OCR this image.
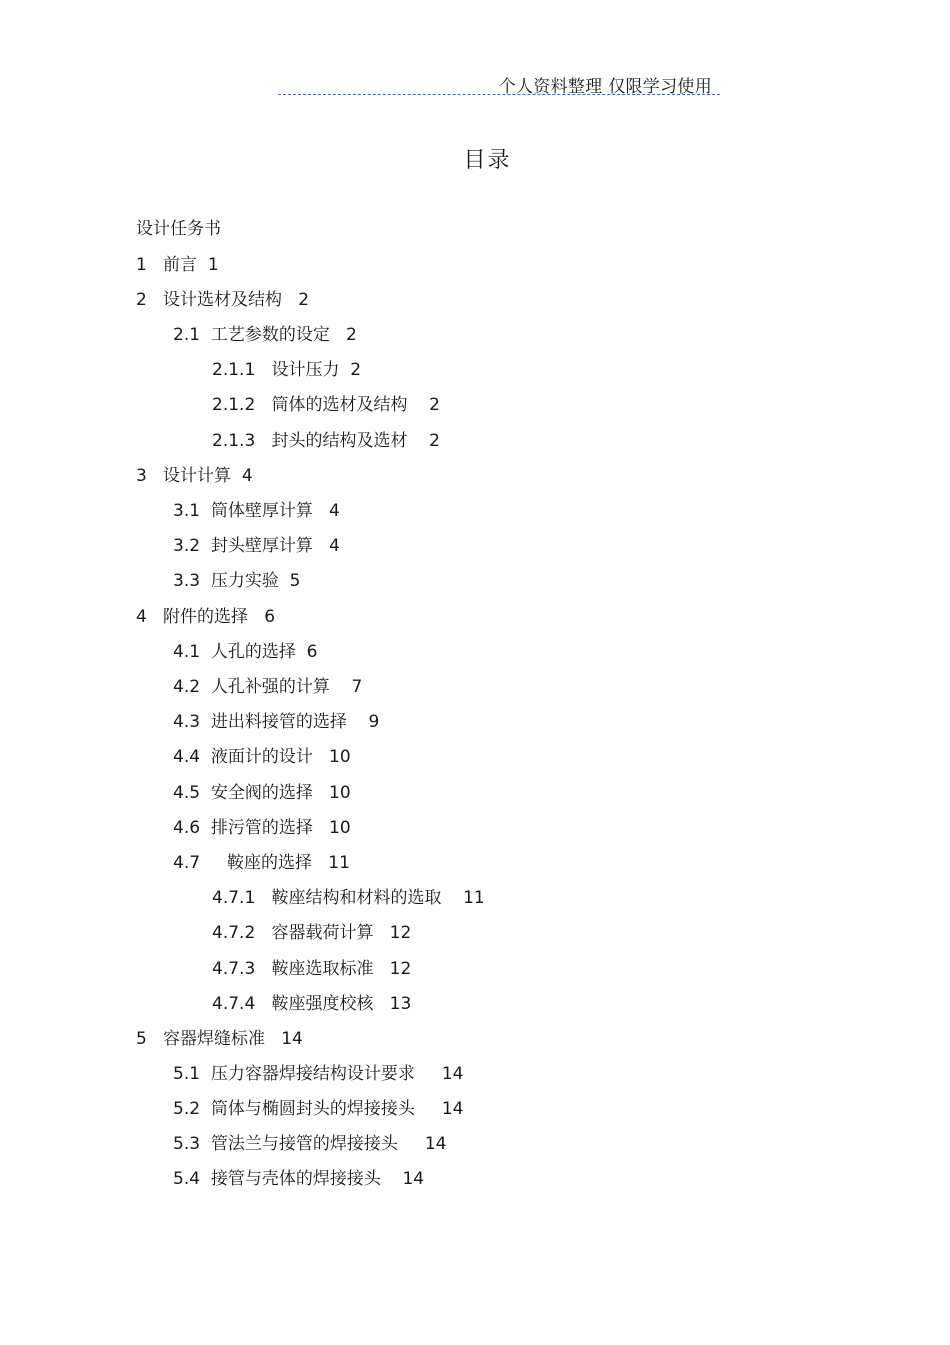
个人资料整理 仅限学习使用
目录
设计任务书
1   前言  1
2   设计选材及结构   2
2.1  工艺参数的设定   2
2.1.1   设计压力  2
2.1.2   筒体的选材及结构    2
2.1.3   封头的结构及选材    2
3   设计计算  4
3.1  筒体壁厚计算   4
3.2  封头壁厚计算   4
3.3  压力实验  5
4   附件的选择   6
4.1  人孔的选择  6
4.2  人孔补强的计算    7
4.3  进出料接管的选择    9
4.4  液面计的设计   10
4.5  安全阀的选择   10
4.6  排污管的选择   10
4.7     鞍座的选择   11
4.7.1   鞍座结构和材料的选取    11
4.7.2   容器载荷计算   12
4.7.3   鞍座选取标准   12
4.7.4   鞍座强度校核   13
5   容器焊缝标准   14
5.1  压力容器焊接结构设计要求     14
5.2  筒体与椭圆封头的焊接接头     14
5.3  管法兰与接管的焊接接头     14
5.4  接管与壳体的焊接接头    14
